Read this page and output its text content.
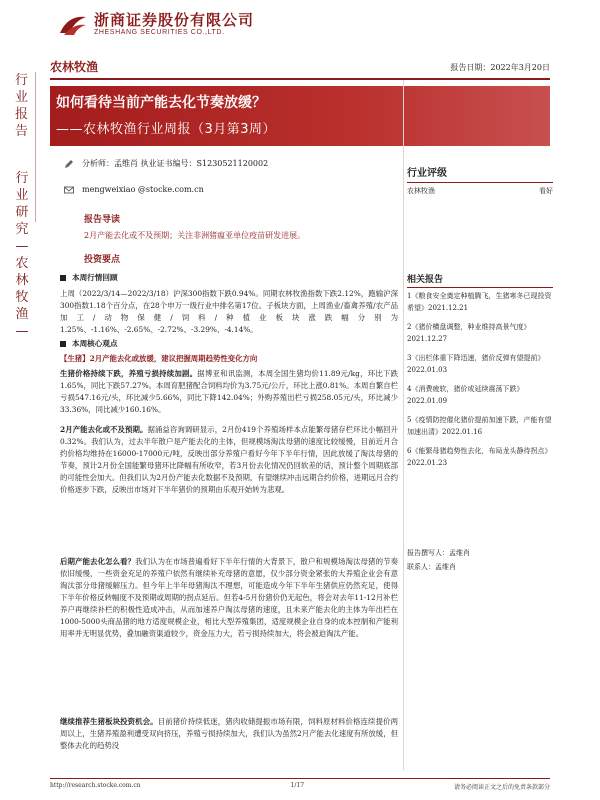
浙商证券股份有限公司
ZHESHANG SECURITIES CO.,LTD.
行业报告
行业研究—农林牧渔—
农林牧渔	报告日期：2022年3月20日
如何看待当前产能去化节奏放缓？
——农林牧渔行业周报（3月第3周）
分析师：孟维肖 执业证书编号：S1230521120002
mengweixiao @stocke.com.cn
行业评级
农林牧渔	看好
报告导读
2月产能去化或不及预期；关注非洲猪瘟亚单位疫苗研发进展。
投资要点
本周行情回顾
上周（2022/3/14—2022/3/18）沪深300指数下跌0.94%。同期农林牧渔指数下跌2.12%，跑输沪深300指数1.18个百分点，在28个申万一级行业中排名第17位。子板块方面，上周渔业/畜禽养殖/农产品加工/动物保健/饲料/种植业板块涨跌幅分别为1.25%、-1.16%、-2.65%、-2.72%、-3.29%、-4.14%。
本周核心观点
【生猪】2月产能去化或放缓，建议把握周期趋势性变化方向
生猪价格持续下跌，养殖亏损持续加剧。据博亚和讯监测，本周全国生猪均价11.89元/kg，环比下跌1.65%，同比下跌57.27%。本周育肥猪配合饲料均价为3.75元/公斤，环比上涨0.81%。本周自繁自栏亏损547.16元/头，环比减少5.66%，同比下降142.04%；外购养殖出栏亏损258.05元/头，环比减少33.36%，同比减少160.16%。
2月产能去化或不及预期。据涌益咨询调研显示，2月份419个养殖场样本点能繁母猪存栏环比小幅回升0.32%。我们认为，过去半年散户是产能去化的主体，但规模场淘汰母猪的速度比较缓慢，目前近月合约价格均维持在16000-17000元/吨，反映出部分养殖户看好今年下半年行情，因此放缓了淘汰母猪的节奏，预计2月份全国能繁母猪环比降幅有所收窄，若3月份去化情况仍回软差的话，预计整个周期底部的可能性会加大。但我们认为2月份产能去化数据不及预期，有望继续冲击远期合约价格，进期远月合约价格逐步下跌，反映出市场对下半年猪价的预期由乐观开始转为悲观。
后期产能去化怎么看？我们认为在市场普遍看好下半年行情的大背景下，散户和规模场淘汰母猪的节奏依旧缓慢，一些资金充足的养殖户依然有继续补充母猪的意愿，仅少部分资金紧张的大养殖企业会有意淘汰部分母猪缓解压力。但今年上半年母猪淘汰不理想，可能造成今年下半年生猪供应仍然充足，使得下半年价格反转幅度不及预期或周期的拐点延后。但若4-5月份猪价仍无起色，将会对去年11-12月补栏养户再继续补栏的积极性造成冲击，从而加速养户淘汰母猪的速度，且未来产能去化的主体为年出栏在1000-5000头商品猪的地方适度规模企业，相比大型养殖集团，适度规模企业自身的成本控制和产能利用率并无明显优势，叠加融资渠道较少，资金压力大，若亏损持续加大，将会被迫淘汰产能。
继续推荐生猪板块投资机会。目前猪价持续低迷，猪肉收储提振市场有限，饲料原材料价格连续提价两周以上，生猪养殖盈利遭受双向挤压，养殖亏损持续加大，我们认为虽然2月产能去化速度有所放缓，但整体去化的趋势没
相关报告
1《粮食安全奠定种植腾飞，生猪寒冬已现投资希望》2021.12.21
2《猪价横盘调整，种业维持高景气度》2021.12.27
3《出栏体重下降迅速，猪价反弹有望提前》2022.01.03
4《消费疲软，猪价或延续震荡下跌》2022.01.09
5《疫情防控催化猪价提前加速下跌，产能有望加速出清》2022.01.16
6《能繁母猪趋势性去化，布局龙头静待拐点》2022.01.23
报告撰写人：孟维肖
联系人：孟维肖
http://research.stocke.com.cn	1/17	请务必阅读正文之后的免责条款部分
